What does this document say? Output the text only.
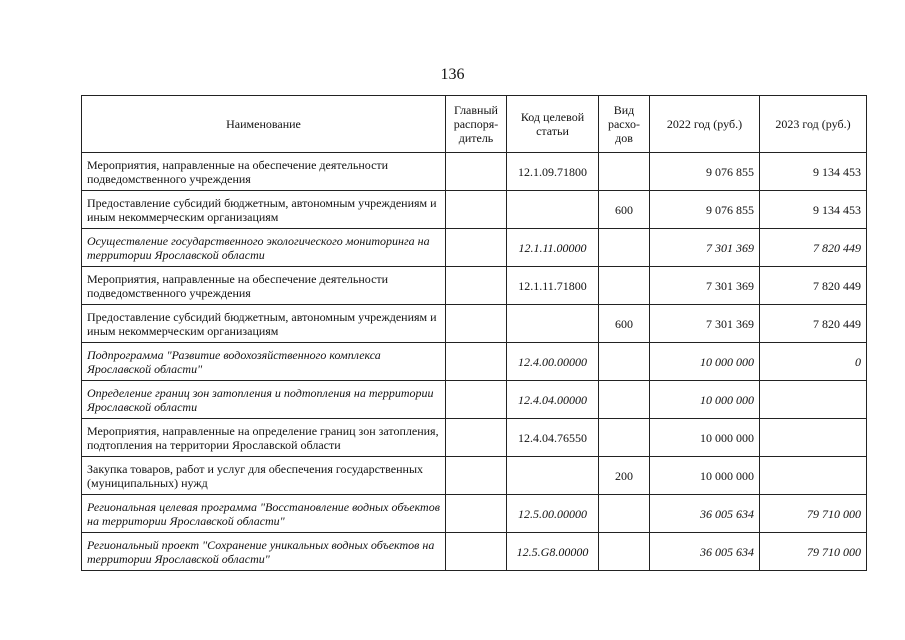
136
Наименование	Главный распоря-дитель	Код целевой статьи	Вид расхо-дов	2022 год (руб.)	2023 год (руб.)
Мероприятия, направленные на обеспечение деятельности подведомственного учреждения		12.1.09.71800		9 076 855	9 134 453
Предоставление субсидий бюджетным, автономным учреждениям и иным некоммерческим организациям			600	9 076 855	9 134 453
Осуществление государственного экологического мониторинга на территории Ярославской области		12.1.11.00000		7 301 369	7 820 449
Мероприятия, направленные на обеспечение деятельности подведомственного учреждения		12.1.11.71800		7 301 369	7 820 449
Предоставление субсидий бюджетным, автономным учреждениям и иным некоммерческим организациям			600	7 301 369	7 820 449
Подпрограмма "Развитие водохозяйственного комплекса Ярославской области"		12.4.00.00000		10 000 000	0
Определение границ зон затопления и подтопления на территории Ярославской области		12.4.04.00000		10 000 000	
Мероприятия, направленные на определение границ зон затопления, подтопления на территории Ярославской области		12.4.04.76550		10 000 000	
Закупка товаров, работ и услуг для обеспечения государственных (муниципальных) нужд			200	10 000 000	
Региональная целевая программа "Восстановление водных объектов на территории Ярославской области"		12.5.00.00000		36 005 634	79 710 000
Региональный проект "Сохранение уникальных водных объектов на территории Ярославской области"		12.5.G8.00000		36 005 634	79 710 000
